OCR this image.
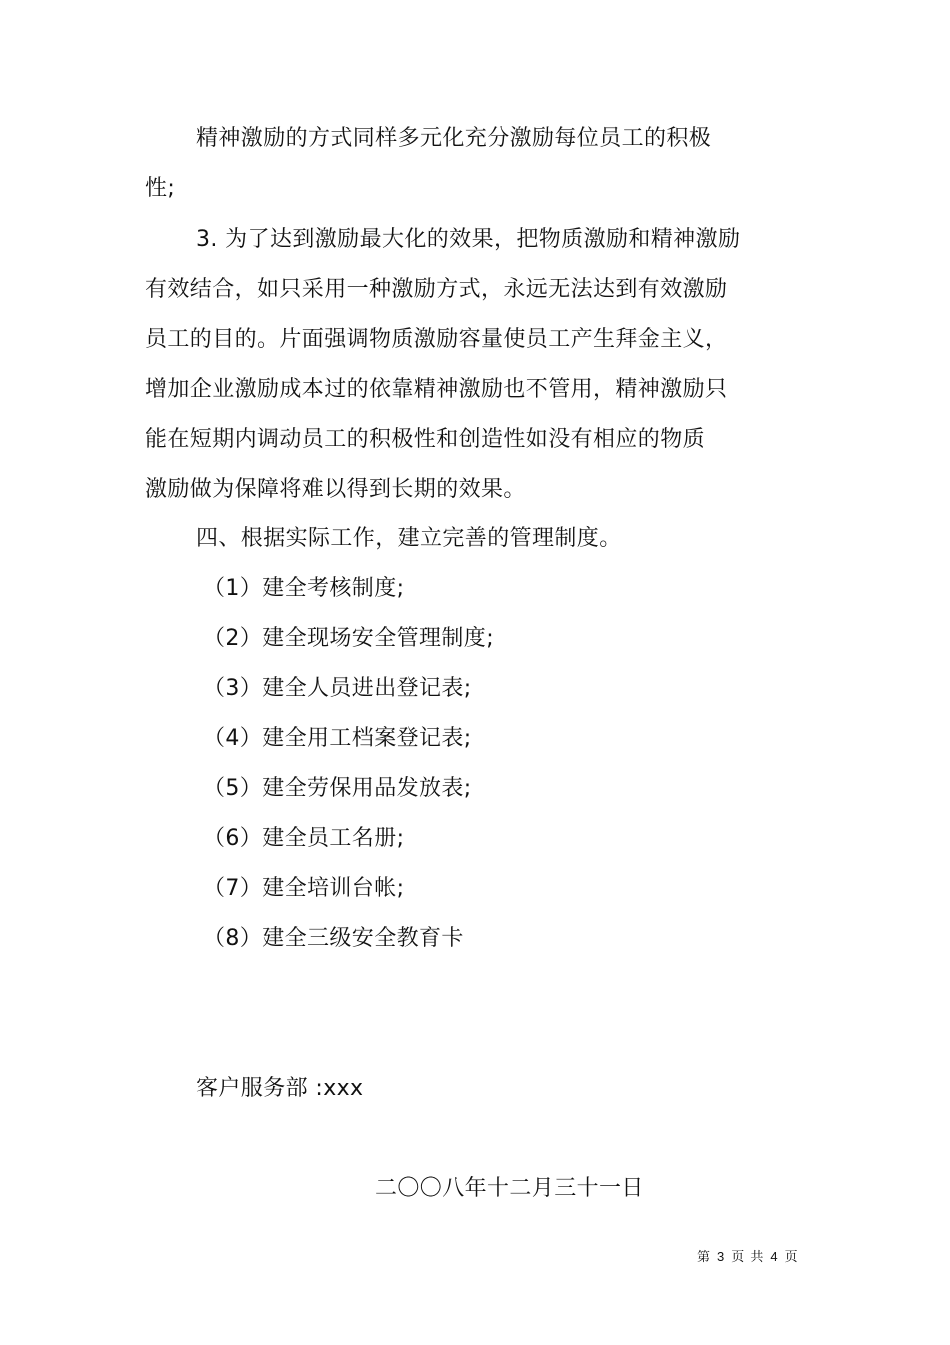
精神激励的方式同样多元化充分激励每位员工的积极
性;
3. 为了达到激励最大化的效果，把物质激励和精神激励
有效结合，如只采用一种激励方式，永远无法达到有效激励
员工的目的。片面强调物质激励容量使员工产生拜金主义，
增加企业激励成本过的依靠精神激励也不管用，精神激励只
能在短期内调动员工的积极性和创造性如没有相应的物质
激励做为保障将难以得到长期的效果。
四、根据实际工作，建立完善的管理制度。
（1）建全考核制度;
（2）建全现场安全管理制度;
（3）建全人员进出登记表;
（4）建全用工档案登记表;
（5）建全劳保用品发放表;
（6）建全员工名册;
（7）建全培训台帐;
（8）建全三级安全教育卡
客户服务部 :xxx
二〇〇八年十二月三十一日
第 3 页 共 4 页
